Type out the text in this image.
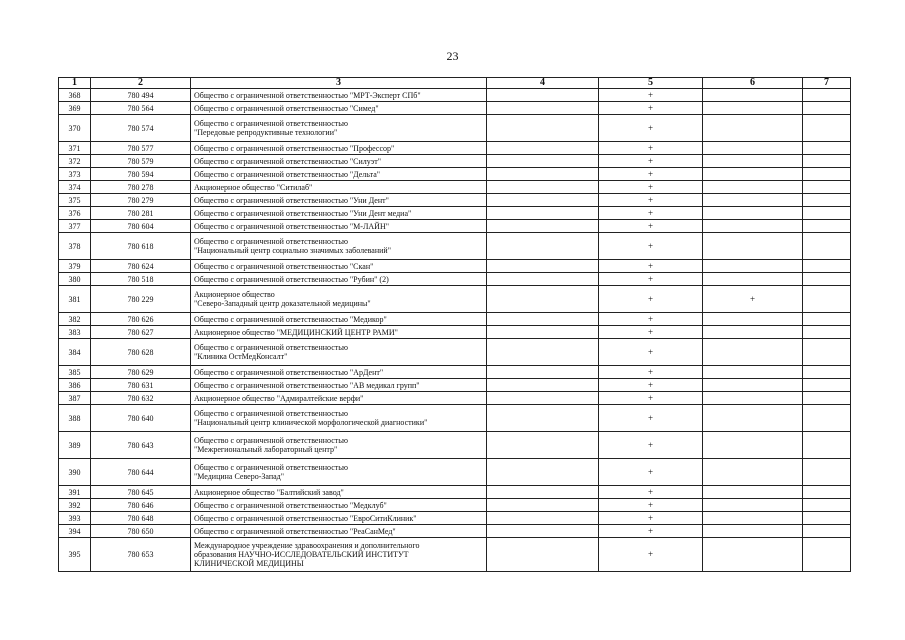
23
1	2	3	4	5	6	7
368	780 494	Общество с ограниченной ответственностью "МРТ-Эксперт СПб"		+		
369	780 564	Общество с ограниченной ответственностью "Симед"		+		
370	780 574	Общество с ограниченной ответственностью
"Передовые репродуктивные технологии"		+		
371	780 577	Общество с ограниченной ответственностью "Профессор"		+		
372	780 579	Общество с ограниченной ответственностью "Силуэт"		+		
373	780 594	Общество с ограниченной ответственностью "Дельта"		+		
374	780 278	Акционерное общество "Ситилаб"		+		
375	780 279	Общество с ограниченной ответственностью "Уни Дент"		+		
376	780 281	Общество с ограниченной ответственностью "Уни Дент медиа"		+		
377	780 604	Общество с ограниченной ответственностью "М-ЛАЙН"		+		
378	780 618	Общество с ограниченной ответственностью
"Национальный центр социально значимых заболеваний"		+		
379	780 624	Общество с ограниченной ответственностью "Скан"		+		
380	780 518	Общество с ограниченной ответственностью "Рубин" (2)		+		
381	780 229	Акционерное общество
"Северо-Западный центр доказательной медицины"		+	+	
382	780 626	Общество с ограниченной ответственностью "Медикор"		+		
383	780 627	Акционерное общество "МЕДИЦИНСКИЙ ЦЕНТР РАМИ"		+		
384	780 628	Общество с ограниченной ответственностью
"Клиника ОстМедКонсалт"		+		
385	780 629	Общество с ограниченной ответственностью "АрДент"		+		
386	780 631	Общество с ограниченной ответственностью "АВ медикал групп"		+		
387	780 632	Акционерное общество "Адмиралтейские верфи"		+		
388	780 640	Общество с ограниченной ответственностью
"Национальный центр клинической морфологической диагностики"		+		
389	780 643	Общество с ограниченной ответственностью
"Межрегиональный лабораторный центр"		+		
390	780 644	Общество с ограниченной ответственностью
"Медицина Северо-Запад"		+		
391	780 645	Акционерное общество "Балтийский завод"		+		
392	780 646	Общество с ограниченной ответственностью "Медклуб"		+		
393	780 648	Общество с ограниченной ответственностью "ЕвроСитиКлиник"		+		
394	780 650	Общество с ограниченной ответственностью "РеаСанМед"		+		
395	780 653	Международное учреждение здравоохранения и дополнительного
образования НАУЧНО-ИССЛЕДОВАТЕЛЬСКИЙ ИНСТИТУТ
КЛИНИЧЕСКОЙ МЕДИЦИНЫ		+		
